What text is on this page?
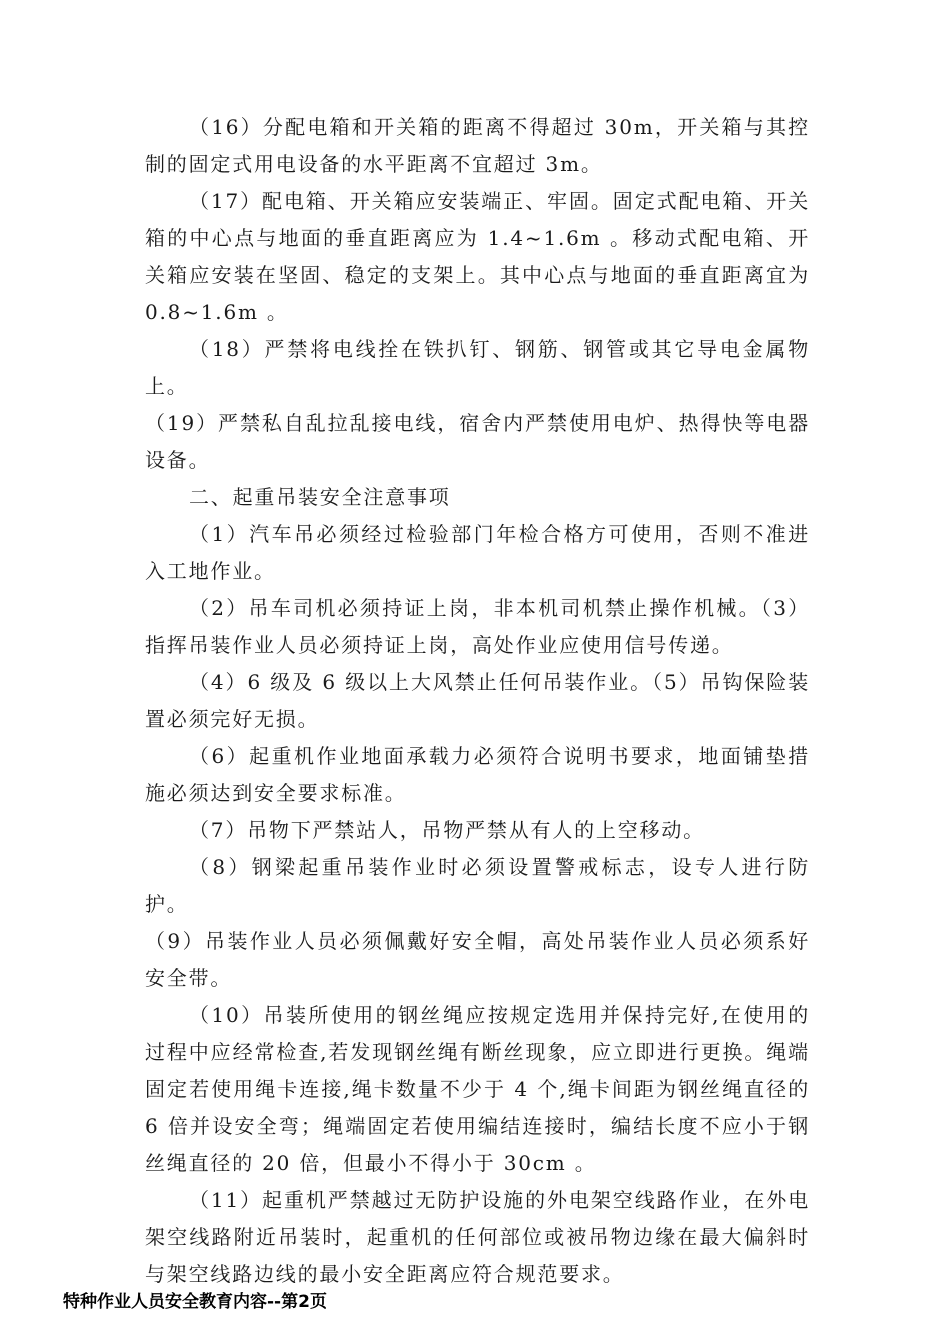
（16）分配电箱和开关箱的距离不得超过 30m，开关箱与其控制的固定式用电设备的水平距离不宜超过 3m。

（17）配电箱、开关箱应安装端正、牢固。固定式配电箱、开关箱的中心点与地面的垂直距离应为 1.4~1.6m 。移动式配电箱、开关箱应安装在坚固、稳定的支架上。其中心点与地面的垂直距离宜为 0.8~1.6m 。

（18）严禁将电线拴在铁扒钉、钢筋、钢管或其它导电金属物上。

（19）严禁私自乱拉乱接电线，宿舍内严禁使用电炉、热得快等电器设备。

二、起重吊装安全注意事项

（1）汽车吊必须经过检验部门年检合格方可使用，否则不准进入工地作业。

（2）吊车司机必须持证上岗，非本机司机禁止操作机械。（3）指挥吊装作业人员必须持证上岗，高处作业应使用信号传递。

（4）6 级及 6 级以上大风禁止任何吊装作业。（5）吊钩保险装置必须完好无损。

（6）起重机作业地面承载力必须符合说明书要求，地面铺垫措施必须达到安全要求标准。

（7）吊物下严禁站人，吊物严禁从有人的上空移动。

（8）钢梁起重吊装作业时必须设置警戒标志，设专人进行防护。

（9）吊装作业人员必须佩戴好安全帽，高处吊装作业人员必须系好安全带。

（10）吊装所使用的钢丝绳应按规定选用并保持完好,在使用的过程中应经常检查,若发现钢丝绳有断丝现象，应立即进行更换。绳端固定若使用绳卡连接,绳卡数量不少于 4 个,绳卡间距为钢丝绳直径的 6 倍并设安全弯；绳端固定若使用编结连接时，编结长度不应小于钢丝绳直径的 20 倍，但最小不得小于 30cm 。

（11）起重机严禁越过无防护设施的外电架空线路作业，在外电架空线路附近吊装时，起重机的任何部位或被吊物边缘在最大偏斜时与架空线路边线的最小安全距离应符合规范要求。

特种作业人员安全教育内容--第2页
